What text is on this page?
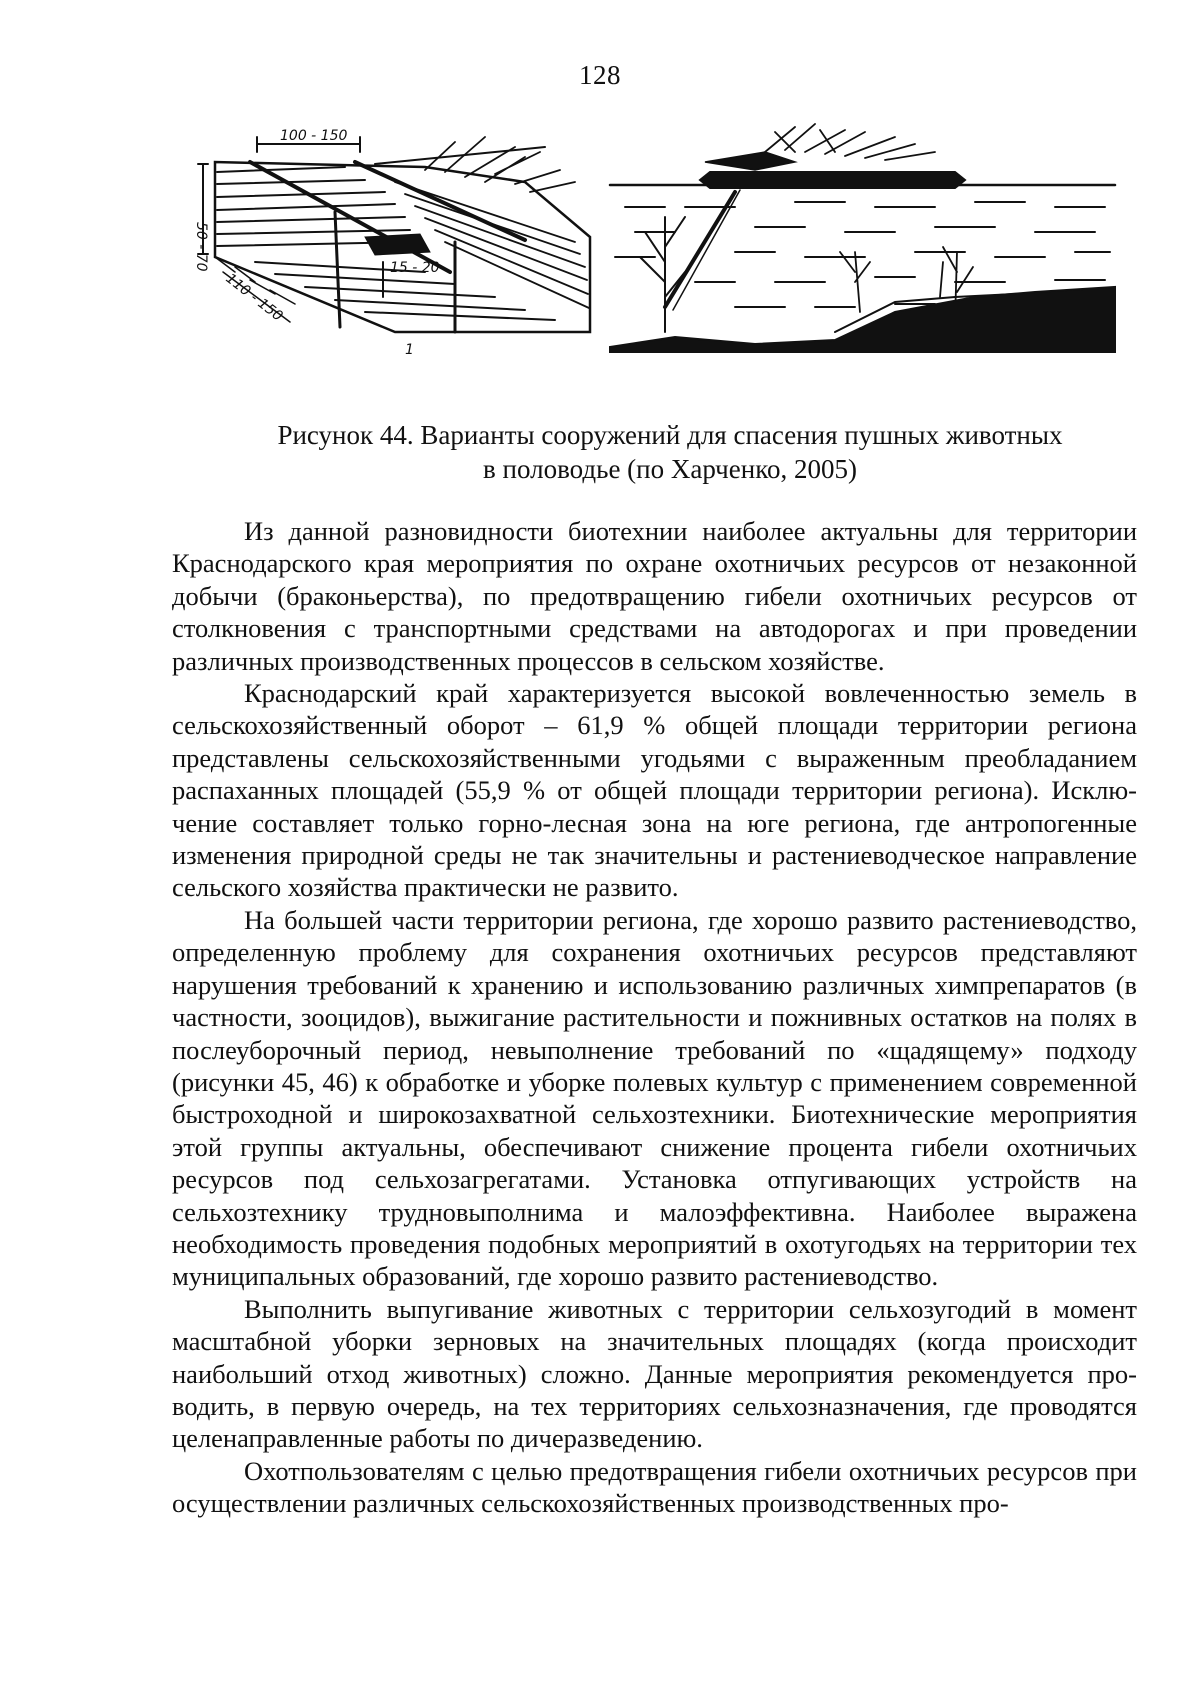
128
100 - 150
50 - 70
110 - 150
15 - 20
1
Рисунок 44. Варианты сооружений для спасения пушных животных
в половодье (по Харченко, 2005)

Из данной разновидности биотехнии наиболее актуальны для территории Краснодарского края мероприятия по охране охотничьих ресурсов от незаконной добычи (браконьерства), по предотвращению гибели охотничьих ресурсов от столкновения с транспортными средствами на автодорогах и при проведении различных производственных процессов в сельском хозяйстве.

Краснодарский край характеризуется высокой вовлеченностью земель в сельскохозяйственный оборот – 61,9 % общей площади территории региона представлены сельскохозяйственными угодьями с выраженным преобладанием распаханных площадей (55,9 % от общей площади территории региона). Исключение составляет только горно-лесная зона на юге региона, где антропогенные изменения природной среды не так значительны и растениеводческое направление сельского хозяйства практически не развито.

На большей части территории региона, где хорошо развито растениеводство, определенную проблему для сохранения охотничьих ресурсов представляют нарушения требований к хранению и использованию различных химпрепаратов (в частности, зооцидов), выжигание растительности и пожнивных остатков на полях в послеуборочный период, невыполнение требований по «щадящему» подходу (рисунки 45, 46) к обработке и уборке полевых культур с применением современной быстроходной и широкозахватной сельхозтехники. Биотехнические мероприятия этой группы актуальны, обеспечивают снижение процента гибели охотничьих ресурсов под сельхозагрегатами. Установка отпугивающих устройств на сельхозтехнику трудновыполнима и малоэффективна. Наиболее выражена необходимость проведения подобных мероприятий в охотугодьях на территории тех муниципальных образований, где хорошо развито растениеводство.

Выполнить выпугивание животных с территории сельхозугодий в момент масштабной уборки зерновых на значительных площадях (когда происходит наибольший отход животных) сложно. Данные мероприятия рекомендуется проводить, в первую очередь, на тех территориях сельхозназначения, где проводятся целенаправленные работы по дичеразведению.

Охотпользователям с целью предотвращения гибели охотничьих ресурсов при осуществлении различных сельскохозяйственных производственных про-
